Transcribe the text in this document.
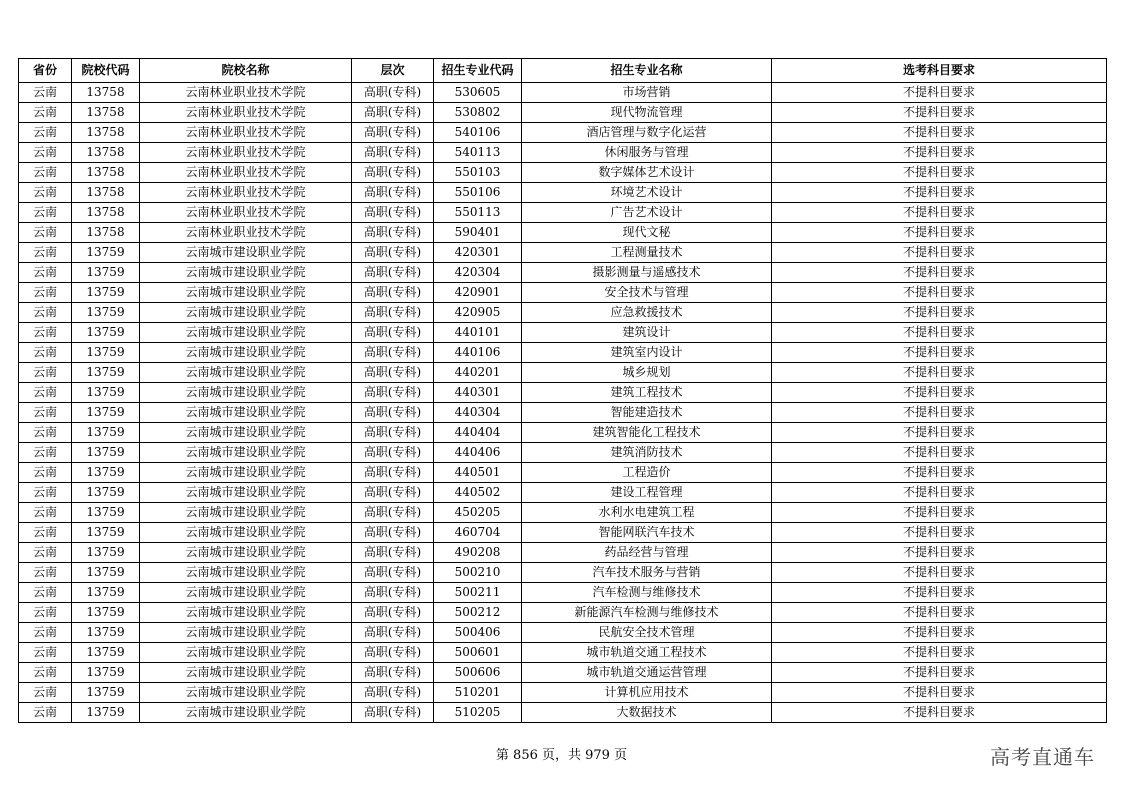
省份	院校代码	院校名称	层次	招生专业代码	招生专业名称	选考科目要求
云南	13758	云南林业职业技术学院	高职(专科)	530605	市场营销	不提科目要求
云南	13758	云南林业职业技术学院	高职(专科)	530802	现代物流管理	不提科目要求
云南	13758	云南林业职业技术学院	高职(专科)	540106	酒店管理与数字化运营	不提科目要求
云南	13758	云南林业职业技术学院	高职(专科)	540113	休闲服务与管理	不提科目要求
云南	13758	云南林业职业技术学院	高职(专科)	550103	数字媒体艺术设计	不提科目要求
云南	13758	云南林业职业技术学院	高职(专科)	550106	环境艺术设计	不提科目要求
云南	13758	云南林业职业技术学院	高职(专科)	550113	广告艺术设计	不提科目要求
云南	13758	云南林业职业技术学院	高职(专科)	590401	现代文秘	不提科目要求
云南	13759	云南城市建设职业学院	高职(专科)	420301	工程测量技术	不提科目要求
云南	13759	云南城市建设职业学院	高职(专科)	420304	摄影测量与遥感技术	不提科目要求
云南	13759	云南城市建设职业学院	高职(专科)	420901	安全技术与管理	不提科目要求
云南	13759	云南城市建设职业学院	高职(专科)	420905	应急救援技术	不提科目要求
云南	13759	云南城市建设职业学院	高职(专科)	440101	建筑设计	不提科目要求
云南	13759	云南城市建设职业学院	高职(专科)	440106	建筑室内设计	不提科目要求
云南	13759	云南城市建设职业学院	高职(专科)	440201	城乡规划	不提科目要求
云南	13759	云南城市建设职业学院	高职(专科)	440301	建筑工程技术	不提科目要求
云南	13759	云南城市建设职业学院	高职(专科)	440304	智能建造技术	不提科目要求
云南	13759	云南城市建设职业学院	高职(专科)	440404	建筑智能化工程技术	不提科目要求
云南	13759	云南城市建设职业学院	高职(专科)	440406	建筑消防技术	不提科目要求
云南	13759	云南城市建设职业学院	高职(专科)	440501	工程造价	不提科目要求
云南	13759	云南城市建设职业学院	高职(专科)	440502	建设工程管理	不提科目要求
云南	13759	云南城市建设职业学院	高职(专科)	450205	水利水电建筑工程	不提科目要求
云南	13759	云南城市建设职业学院	高职(专科)	460704	智能网联汽车技术	不提科目要求
云南	13759	云南城市建设职业学院	高职(专科)	490208	药品经营与管理	不提科目要求
云南	13759	云南城市建设职业学院	高职(专科)	500210	汽车技术服务与营销	不提科目要求
云南	13759	云南城市建设职业学院	高职(专科)	500211	汽车检测与维修技术	不提科目要求
云南	13759	云南城市建设职业学院	高职(专科)	500212	新能源汽车检测与维修技术	不提科目要求
云南	13759	云南城市建设职业学院	高职(专科)	500406	民航安全技术管理	不提科目要求
云南	13759	云南城市建设职业学院	高职(专科)	500601	城市轨道交通工程技术	不提科目要求
云南	13759	云南城市建设职业学院	高职(专科)	500606	城市轨道交通运营管理	不提科目要求
云南	13759	云南城市建设职业学院	高职(专科)	510201	计算机应用技术	不提科目要求
云南	13759	云南城市建设职业学院	高职(专科)	510205	大数据技术	不提科目要求
第 856 页，共 979 页	高考直通车
